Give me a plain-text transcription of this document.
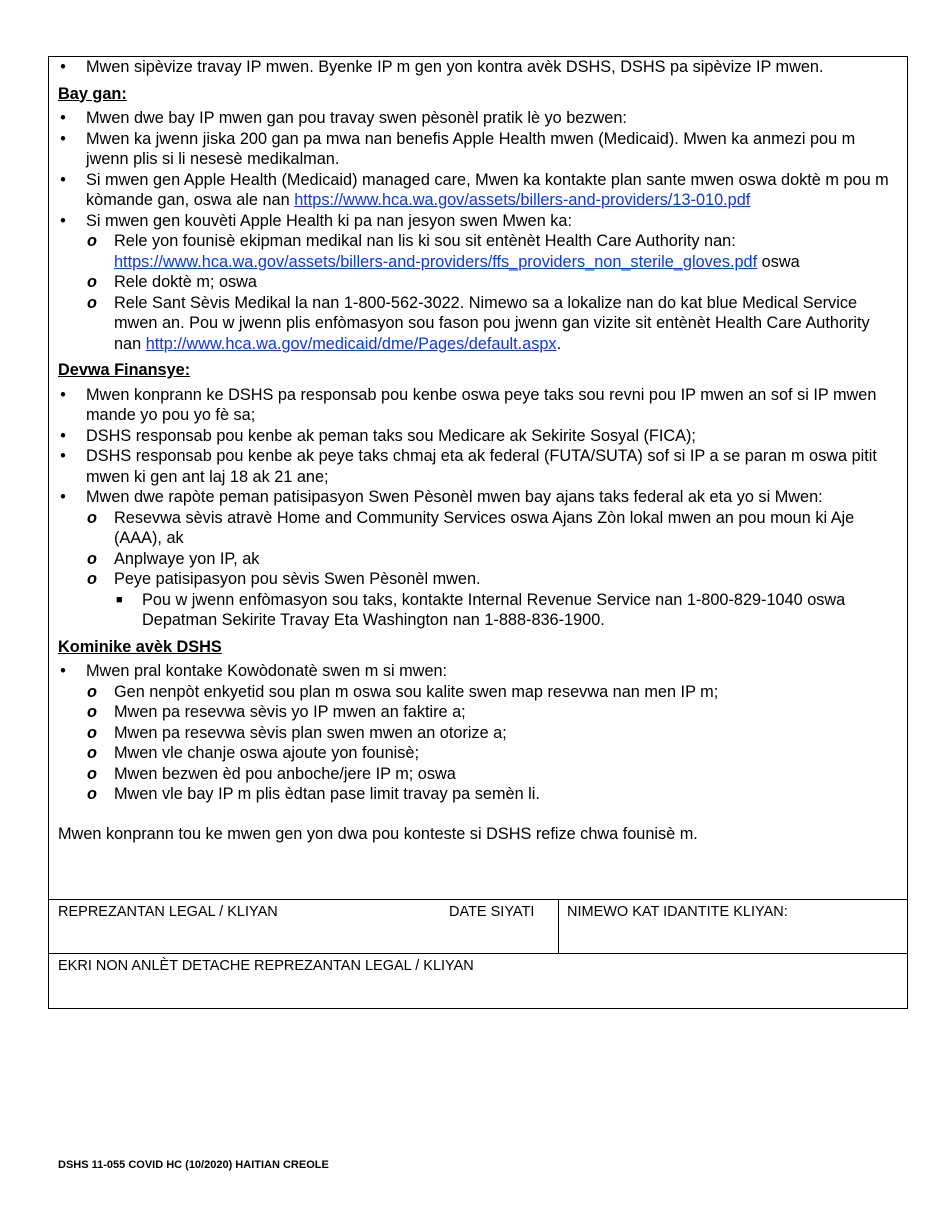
• Mwen sipèvize travay IP mwen. Byenke IP m gen yon kontra avèk DSHS, DSHS pa sipèvize IP mwen.
Bay gan:
• Mwen dwe bay IP mwen gan pou travay swen pèsonèl pratik lè yo bezwen:
• Mwen ka jwenn jiska 200 gan pa mwa nan benefis Apple Health mwen (Medicaid). Mwen ka anmezi pou m jwenn plis si li nesesè medikalman.
• Si mwen gen Apple Health (Medicaid) managed care, Mwen ka kontakte plan sante mwen oswa doktè m pou m kòmande gan, oswa ale nan https://www.hca.wa.gov/assets/billers-and-providers/13-010.pdf
• Si mwen gen kouvèti Apple Health ki pa nan jesyon swen Mwen ka:
o Rele yon founisè ekipman medikal nan lis ki sou sit entènèt Health Care Authority nan: https://www.hca.wa.gov/assets/billers-and-providers/ffs_providers_non_sterile_gloves.pdf oswa
o Rele doktè m; oswa
o Rele Sant Sèvis Medikal la nan 1-800-562-3022. Nimewo sa a lokalize nan do kat blue Medical Service mwen an. Pou w jwenn plis enfòmasyon sou fason pou jwenn gan vizite sit entènèt Health Care Authority nan http://www.hca.wa.gov/medicaid/dme/Pages/default.aspx.
Devwa Finansye:
• Mwen konprann ke DSHS pa responsab pou kenbe oswa peye taks sou revni pou IP mwen an sof si IP mwen mande yo pou yo fè sa;
• DSHS responsab pou kenbe ak peman taks sou Medicare ak Sekirite Sosyal (FICA);
• DSHS responsab pou kenbe ak peye taks chmaj eta ak federal (FUTA/SUTA) sof si IP a se paran m oswa pitit mwen ki gen ant laj 18 ak 21 ane;
• Mwen dwe rapòte peman patisipasyon Swen Pèsonèl mwen bay ajans taks federal ak eta yo si Mwen:
o Resevwa sèvis atravè Home and Community Services oswa Ajans Zòn lokal mwen an pou moun ki Aje (AAA), ak
o Anplwaye yon IP, ak
o Peye patisipasyon pou sèvis Swen Pèsonèl mwen.
■ Pou w jwenn enfòmasyon sou taks, kontakte Internal Revenue Service nan 1-800-829-1040 oswa Depatman Sekirite Travay Eta Washington nan 1-888-836-1900.
Kominike avèk DSHS
• Mwen pral kontake Kowòdonatè swen m si mwen:
o Gen nenpòt enkyetid sou plan m oswa sou kalite swen map resevwa nan men IP m;
o Mwen pa resevwa sèvis yo IP mwen an faktire a;
o Mwen pa resevwa sèvis plan swen mwen an otorize a;
o Mwen vle chanje oswa ajoute yon founisè;
o Mwen bezwen èd pou anboche/jere IP m; oswa
o Mwen vle bay IP m plis èdtan pase limit travay pa semèn li.
Mwen konprann tou ke mwen gen yon dwa pou konteste si DSHS refize chwa founisè m.
REPREZANTAN LEGAL / KLIYAN	DATE SIYATI NIMEWO KAT IDANTITE KLIYAN:
EKRI NON ANLÈT DETACHE REPREZANTAN LEGAL / KLIYAN
DSHS 11-055 COVID HC (10/2020) HAITIAN CREOLE
